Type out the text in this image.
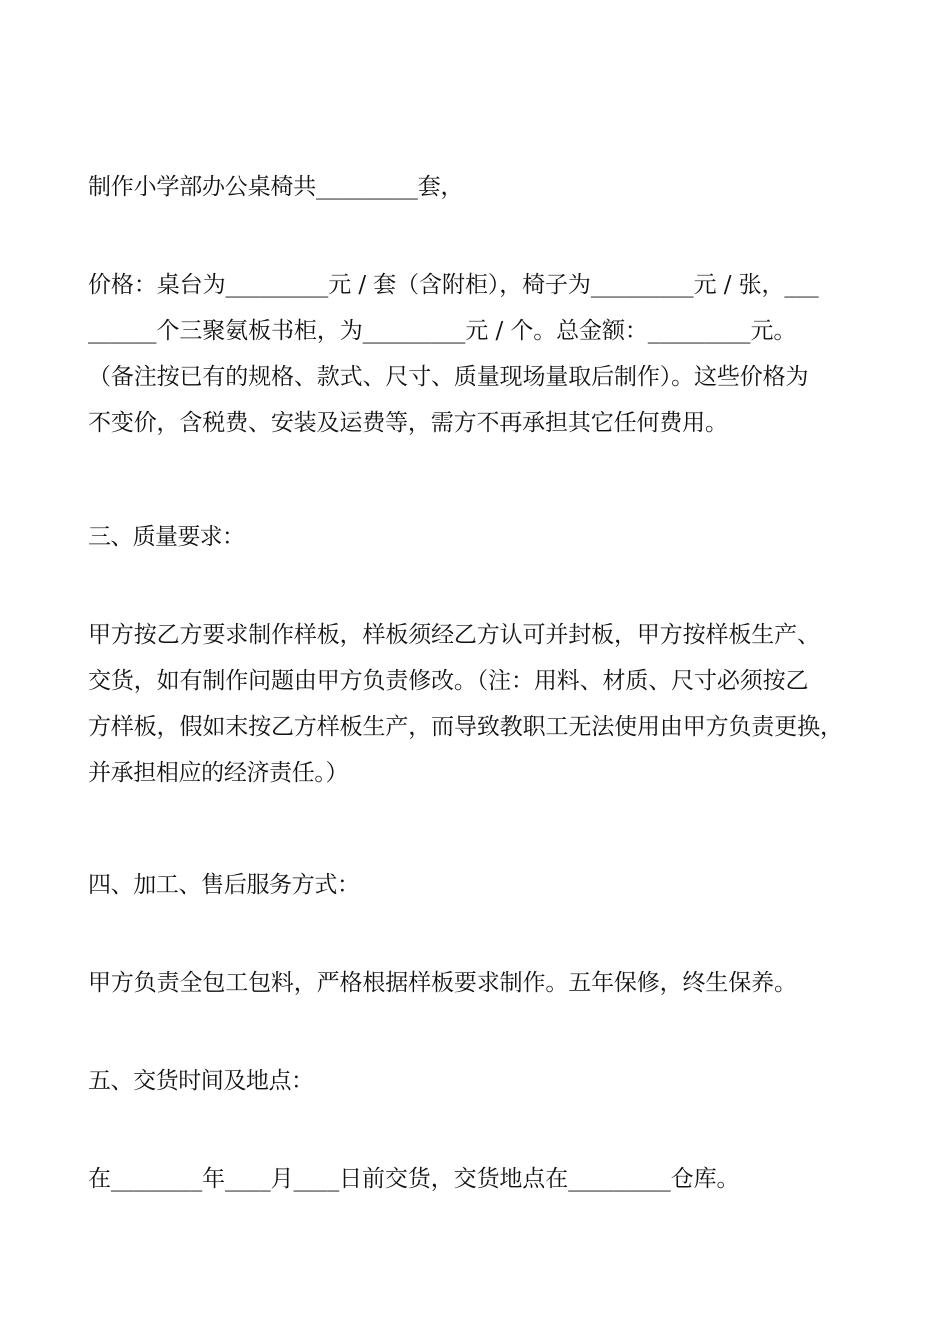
制作小学部办公桌椅共_________套，
价格：桌台为_________元 / 套（含附柜），椅子为_________元 / 张，___
______个三聚氨板书柜，为_________元 / 个。总金额：_________元。
（备注按已有的规格、款式、尺寸、质量现场量取后制作）。这些价格为
不变价，含税费、安装及运费等，需方不再承担其它任何费用。
三、质量要求：
甲方按乙方要求制作样板，样板须经乙方认可并封板，甲方按样板生产、
交货，如有制作问题由甲方负责修改。（注：用料、材质、尺寸必须按乙
方样板，假如末按乙方样板生产，而导致教职工无法使用由甲方负责更换，
并承担相应的经济责任。）
四、加工、售后服务方式：
甲方负责全包工包料，严格根据样板要求制作。五年保修，终生保养。
五、交货时间及地点：
在________年____月____日前交货，交货地点在_________仓库。
